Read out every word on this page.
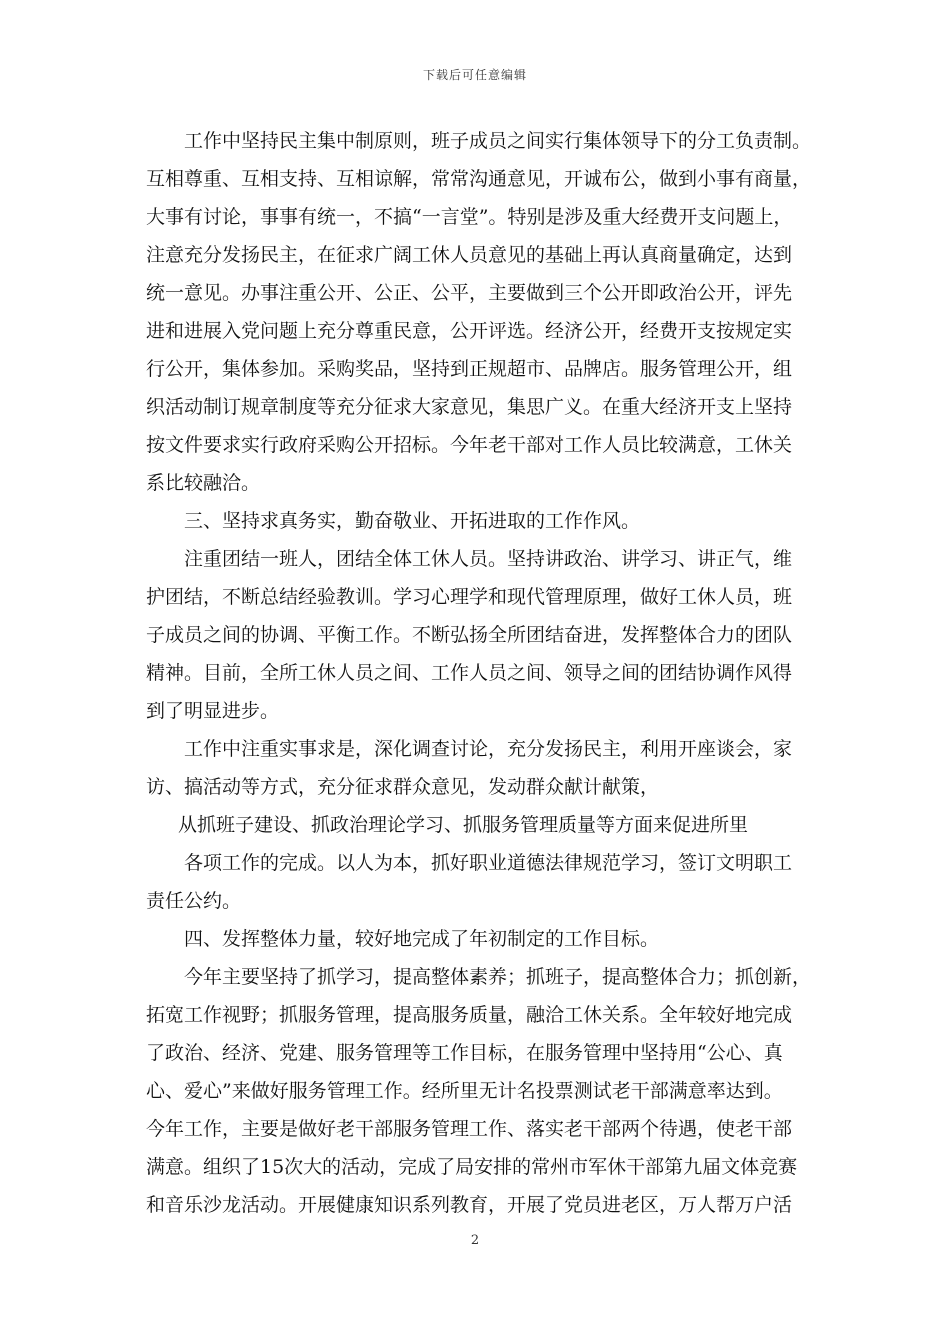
下载后可任意编辑
工作中坚持民主集中制原则，班子成员之间实行集体领导下的分工负责制。
互相尊重、互相支持、互相谅解，常常沟通意见，开诚布公，做到小事有商量，
大事有讨论，事事有统一，不搞“一言堂”。特别是涉及重大经费开支问题上，
注意充分发扬民主，在征求广阔工休人员意见的基础上再认真商量确定，达到
统一意见。办事注重公开、公正、公平，主要做到三个公开即政治公开，评先
进和进展入党问题上充分尊重民意，公开评选。经济公开，经费开支按规定实
行公开，集体参加。采购奖品，坚持到正规超市、品牌店。服务管理公开，组
织活动制订规章制度等充分征求大家意见，集思广义。在重大经济开支上坚持
按文件要求实行政府采购公开招标。今年老干部对工作人员比较满意，工休关
系比较融洽。
三、坚持求真务实，勤奋敬业、开拓进取的工作作风。
注重团结一班人，团结全体工休人员。坚持讲政治、讲学习、讲正气，维
护团结，不断总结经验教训。学习心理学和现代管理原理，做好工休人员，班
子成员之间的协调、平衡工作。不断弘扬全所团结奋进，发挥整体合力的团队
精神。目前，全所工休人员之间、工作人员之间、领导之间的团结协调作风得
到了明显进步。
工作中注重实事求是，深化调查讨论，充分发扬民主，利用开座谈会，家
访、搞活动等方式，充分征求群众意见，发动群众献计献策，
从抓班子建设、抓政治理论学习、抓服务管理质量等方面来促进所里
各项工作的完成。以人为本，抓好职业道德法律规范学习，签订文明职工
责任公约。
四、发挥整体力量，较好地完成了年初制定的工作目标。
今年主要坚持了抓学习，提高整体素养；抓班子，提高整体合力；抓创新，
拓宽工作视野；抓服务管理，提高服务质量，融洽工休关系。全年较好地完成
了政治、经济、党建、服务管理等工作目标，在服务管理中坚持用“公心、真
心、爱心”来做好服务管理工作。经所里无计名投票测试老干部满意率达到。
今年工作，主要是做好老干部服务管理工作、落实老干部两个待遇，使老干部
满意。组织了15次大的活动，完成了局安排的常州市军休干部第九届文体竞赛
和音乐沙龙活动。开展健康知识系列教育，开展了党员进老区，万人帮万户活
2
